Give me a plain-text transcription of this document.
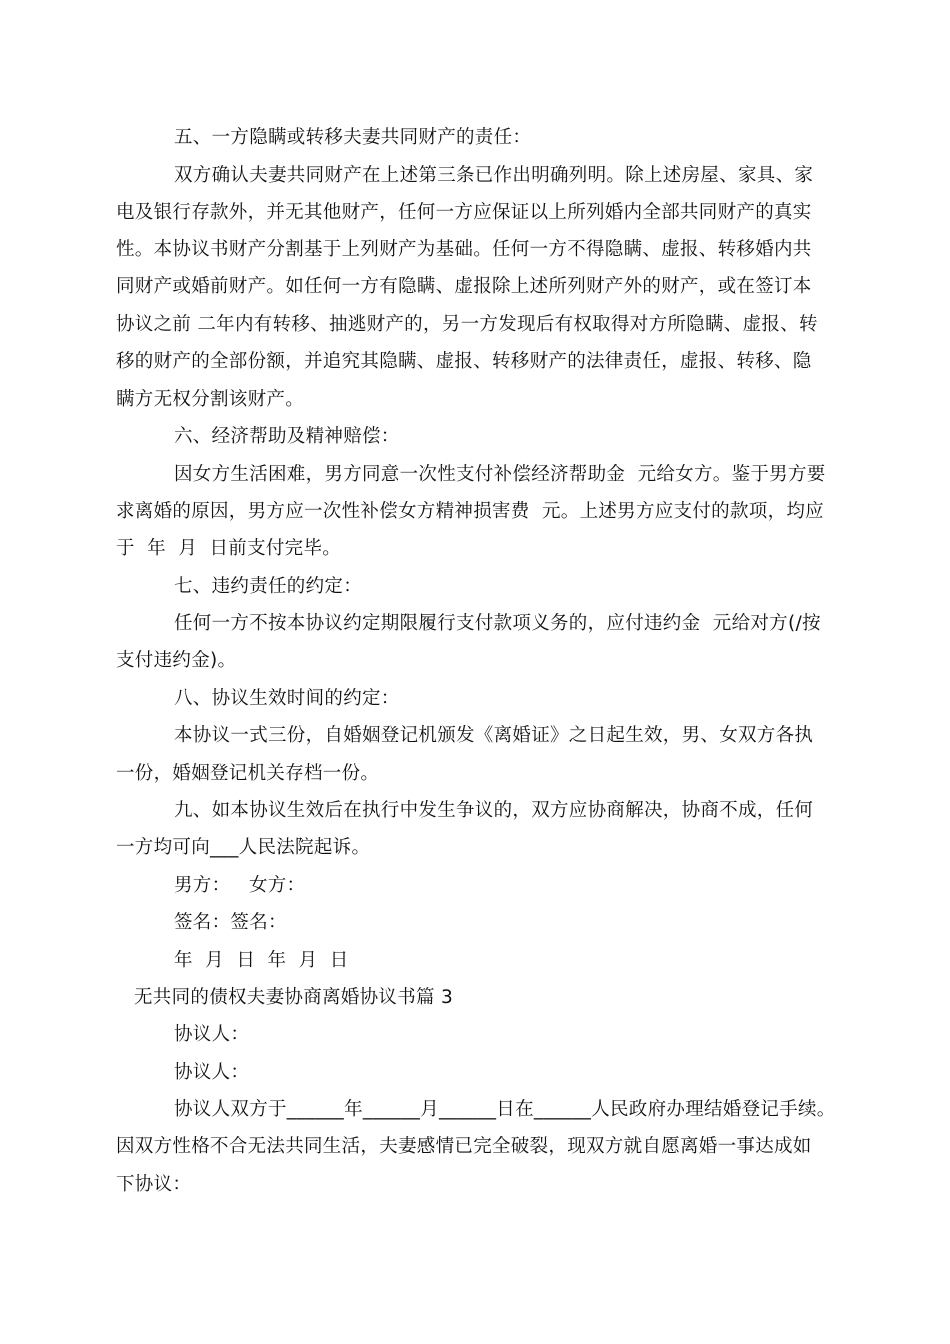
五、一方隐瞒或转移夫妻共同财产的责任：
双方确认夫妻共同财产在上述第三条已作出明确列明。除上述房屋、家具、家
电及银行存款外，并无其他财产，任何一方应保证以上所列婚内全部共同财产的真实
性。本协议书财产分割基于上列财产为基础。任何一方不得隐瞒、虚报、转移婚内共
同财产或婚前财产。如任何一方有隐瞒、虚报除上述所列财产外的财产，或在签订本
协议之前 二年内有转移、抽逃财产的，另一方发现后有权取得对方所隐瞒、虚报、转
移的财产的全部份额，并追究其隐瞒、虚报、转移财产的法律责任，虚报、转移、隐
瞒方无权分割该财产。
六、经济帮助及精神赔偿：
因女方生活困难，男方同意一次性支付补偿经济帮助金  元给女方。鉴于男方要
求离婚的原因，男方应一次性补偿女方精神损害费  元。上述男方应支付的款项，均应
于  年  月  日前支付完毕。
七、违约责任的约定：
任何一方不按本协议约定期限履行支付款项义务的，应付违约金  元给对方(/按
支付违约金)。
八、协议生效时间的约定：
本协议一式三份，自婚姻登记机颁发《离婚证》之日起生效，男、女双方各执
一份，婚姻登记机关存档一份。
九、如本协议生效后在执行中发生争议的，双方应协商解决，协商不成，任何
一方均可向___人民法院起诉。
男方：   女方：
签名：签名：
年  月  日  年  月  日
无共同的债权夫妻协商离婚协议书篇 3
协议人：
协议人：
协议人双方于______年______月______日在______人民政府办理结婚登记手续。
因双方性格不合无法共同生活，夫妻感情已完全破裂，现双方就自愿离婚一事达成如
下协议：
